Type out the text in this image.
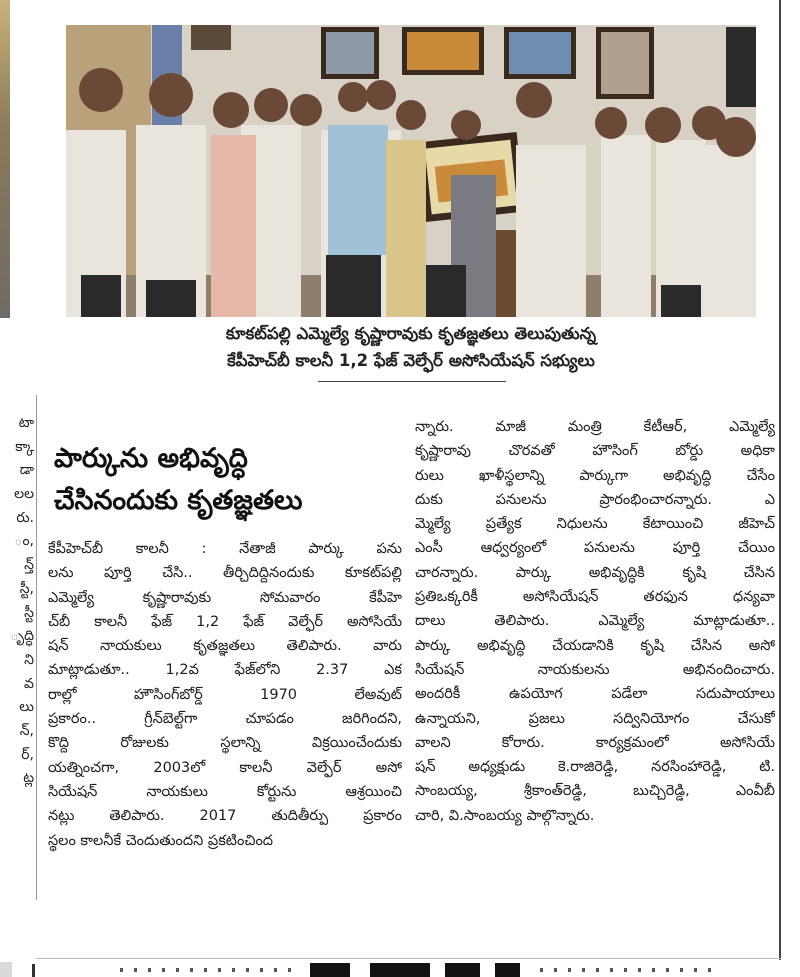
కూకట్‌పల్లి ఎమ్మెల్యే కృష్ణారావుకు కృతజ్ఞతలు తెలుపుతున్న
కేపీహెచ్‌బీ కాలనీ 1,2 ఫేజ్ వెల్ఫేర్ అసోసియేషన్ సభ్యులు
టా
క్కా
డా
లల
రు.
ం,
న్త్
స్టీ,
స్టీ
ృద్ధి
ని
వ
లు
న్,
ర్,
ట్ల
పార్కును అభివృద్ధి
చేసినందుకు కృతజ్ఞతలు
కేపీహెచ్‌బీ కాలనీ : నేతాజీ పార్కు పను
లను పూర్తి చేసి.. తీర్చిదిద్దినందుకు కూకట్‌పల్లి
ఎమ్మెల్యే కృష్ణారావుకు సోమవారం కేపీహె
చ్‌బీ కాలనీ ఫేజ్ 1,2 ఫేజ్ వెల్ఫేర్ అసోసియే
షన్ నాయకులు కృతజ్ఞతలు తెలిపారు. వారు
మాట్లాడుతూ.. 1,2వ ఫేజ్‌లోని 2.37 ఎక
రాల్లో హౌసింగ్‌బోర్డ్ 1970 లేఅవుట్
ప్రకారం.. గ్రీన్‌బెల్ట్‌గా చూపడం జరిగిందని,
కొద్ది రోజులకు స్థలాన్ని విక్రయించేందుకు
యత్నించగా, 2003లో కాలనీ వెల్ఫేర్ అసో
సియేషన్ నాయకులు కోర్టును ఆశ్రయించి
నట్లు తెలిపారు. 2017 తుదితీర్పు ప్రకారం
స్థలం కాలనీకే చెందుతుందని ప్రకటించింద
న్నారు. మాజీ మంత్రి కేటీఆర్, ఎమ్మెల్యే
కృష్ణారావు చొరవతో హౌసింగ్ బోర్డు అధికా
రులు ఖాళీస్థలాన్ని పార్కుగా అభివృద్ధి చేసేం
దుకు పనులను ప్రారంభించారన్నారు. ఎ
మ్మెల్యే ప్రత్యేక నిధులను కేటాయించి జీహెచ్
ఎంసీ ఆధ్వర్యంలో పనులను పూర్తి చేయిం
చారన్నారు. పార్కు అభివృద్ధికి కృషి చేసిన
ప్రతిఒక్కరికీ అసోసియేషన్ తరఫున ధన్యవా
దాలు తెలిపారు. ఎమ్మెల్యే మాట్లాడుతూ..
పార్కు అభివృద్ధి చేయడానికి కృషి చేసిన అసో
సియేషన్ నాయకులను అభినందించారు.
అందరికీ ఉపయోగ పడేలా సదుపాయాలు
ఉన్నాయని, ప్రజలు సద్వినియోగం చేసుకో
వాలని కోరారు. కార్యక్రమంలో అసోసియే
షన్ అధ్యక్షుడు కె.రాజిరెడ్డి, నరసింహారెడ్డి, టి.
సాంబయ్య, శ్రీకాంత్‌రెడ్డి, బుచ్చిరెడ్డి, ఎంవీబీ
చారి, వి.సాంబయ్య పాల్గొన్నారు.
